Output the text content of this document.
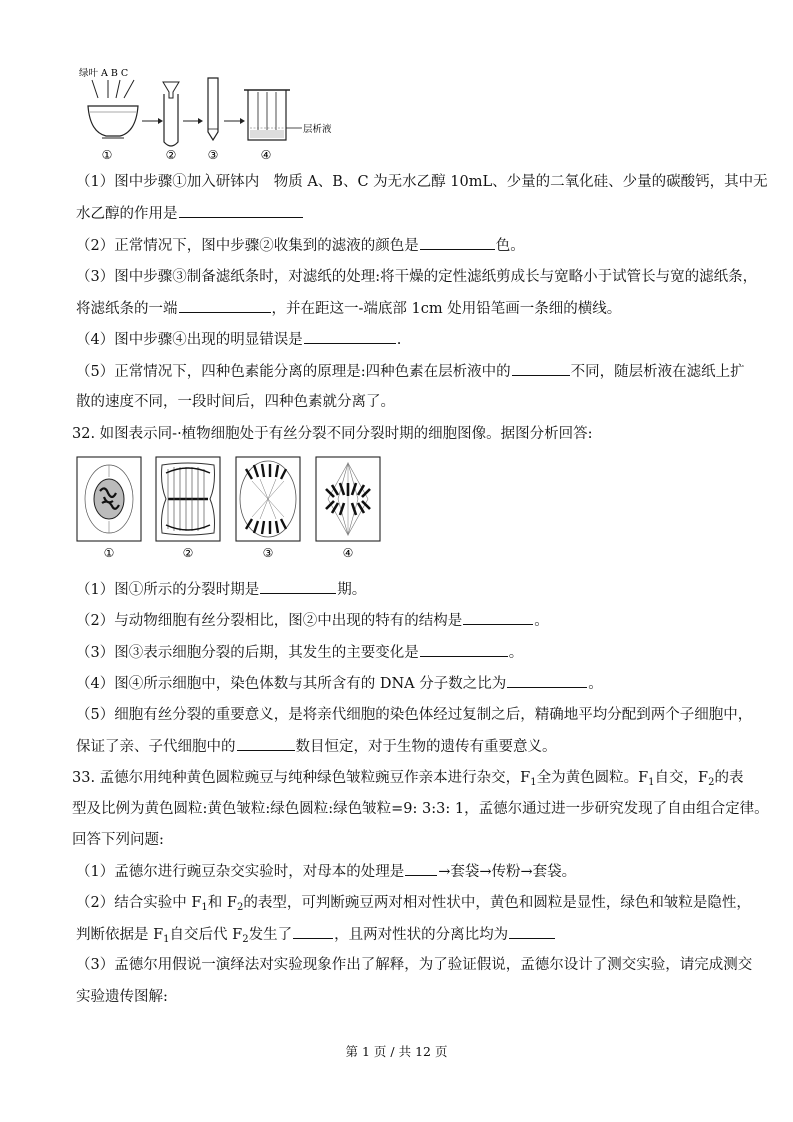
绿叶 A B C
层析液
①	②	③	④
（1）图中步骤①加入研钵内　物质 A、B、C 为无水乙醇 10mL、少量的二氧化硅、少量的碳酸钙，其中无
水乙醇的作用是
（2）正常情况下，图中步骤②收集到的滤液的颜色是	色。
（3）图中步骤③制备滤纸条时，对滤纸的处理:将干燥的定性滤纸剪成长与宽略小于试管长与宽的滤纸条，
将滤纸条的一端	，并在距这一-端底部 1cm 处用铅笔画一条细的横线。
（4）图中步骤④出现的明显错误是	.
（5）正常情况下，四种色素能分离的原理是:四种色素在层析液中的	不同，随层析液在滤纸上扩
散的速度不同，一段时间后，四种色素就分离了。
32. 如图表示同-·植物细胞处于有丝分裂不同分裂时期的细胞图像。据图分析回答:
①	②	③	④
（1）图①所示的分裂时期是	期。
（2）与动物细胞有丝分裂相比，图②中出现的特有的结构是	。
（3）图③表示细胞分裂的后期，其发生的主要变化是	。
（4）图④所示细胞中，染色体数与其所含有的 DNA 分子数之比为	。
（5）细胞有丝分裂的重要意义，是将亲代细胞的染色体经过复制之后，精确地平均分配到两个子细胞中，
保证了亲、子代细胞中的	数目恒定，对于生物的遗传有重要意义。
33. 孟德尔用纯种黄色圆粒豌豆与纯种绿色皱粒豌豆作亲本进行杂交，$F_1$全为黄色圆粒。$F_1$自交，$F_2$的表
型及比例为黄色圆粒:黄色皱粒:绿色圆粒:绿色皱粒=9: 3:3: 1，孟德尔通过进一步研究发现了自由组合定律。
回答下列问题:
（1）孟德尔进行豌豆杂交实验时，对母本的处理是 →套袋→传粉→套袋。
（2）结合实验中 $F_1$和 $F_2$的表型，可判断豌豆两对相对性状中，黄色和圆粒是显性，绿色和皱粒是隐性，
判断依据是 $F_1$自交后代 $F_2$发生了	，且两对性状的分离比均为
（3）孟德尔用假说一演绎法对实验现象作出了解释，为了验证假说，孟德尔设计了测交实验，请完成测交
实验遗传图解:
第 1 页 / 共 12 页
